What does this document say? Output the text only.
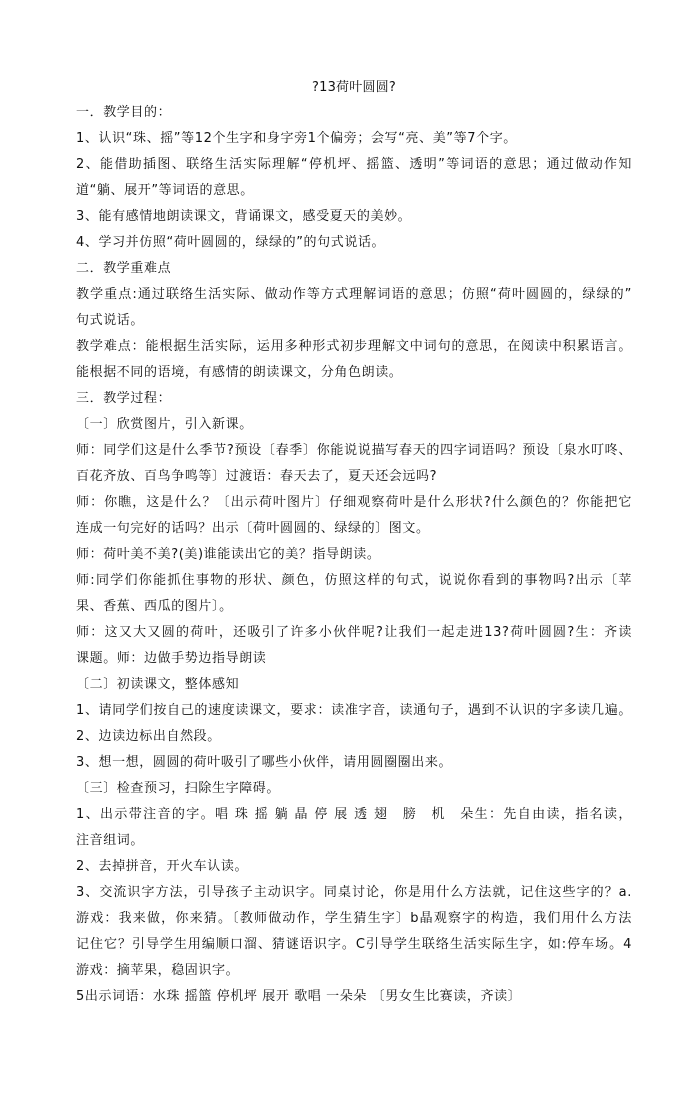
?13荷叶圆圆?
一．教学目的：
1、认识“珠、摇”等12个生字和身字旁1个偏旁；会写“亮、美”等7个字。
2、能借助插图、联络生活实际理解“停机坪、摇篮、透明”等词语的意思；通过做动作知
道“躺、展开”等词语的意思。
3、能有感情地朗读课文，背诵课文，感受夏天的美妙。
4、学习并仿照“荷叶圆圆的，绿绿的”的句式说话。
二．教学重难点
教学重点:通过联络生活实际、做动作等方式理解词语的意思；仿照“荷叶圆圆的，绿绿的”
句式说话。
教学难点：能根据生活实际，运用多种形式初步理解文中词句的意思，在阅读中积累语言。
能根据不同的语境，有感情的朗读课文，分角色朗读。
三．教学过程：
〔一〕欣赏图片，引入新课。
师：同学们这是什么季节?预设〔春季〕你能说说描写春天的四字词语吗？预设〔泉水叮咚、
百花齐放、百鸟争鸣等〕过渡语：春天去了，夏天还会远吗?
师：你瞧，这是什么？〔出示荷叶图片〕仔细观察荷叶是什么形状?什么颜色的？你能把它
连成一句完好的话吗？出示〔荷叶圆圆的、绿绿的〕图文。
师：荷叶美不美?(美)谁能读出它的美？指导朗读。
师:同学们你能抓住事物的形状、颜色，仿照这样的句式，说说你看到的事物吗?出示〔苹
果、香蕉、西瓜的图片〕。
师：这又大又圆的荷叶，还吸引了许多小伙伴呢?让我们一起走进13?荷叶圆圆?生：齐读
课题。师：边做手势边指导朗读
〔二〕初读课文，整体感知
1、请同学们按自己的速度读课文，要求：读准字音，读通句子，遇到不认识的字多读几遍。
2、边读边标出自然段。
3、想一想，圆圆的荷叶吸引了哪些小伙伴，请用圆圈圈出来。
〔三〕检查预习，扫除生字障碍。
1、出示带注音的字。唱 珠 摇 躺 晶 停 展 透 翅　膀　机　朵生：先自由读，指名读，
注音组词。
2、去掉拼音，开火车认读。
3、交流识字方法，引导孩子主动识字。同桌讨论，你是用什么方法就，记住这些字的？a.
游戏：我来做，你来猜。〔教师做动作，学生猜生字〕b晶观察字的构造，我们用什么方法
记住它？引导学生用编顺口溜、猜谜语识字。C引导学生联络生活实际生字，如:停车场。4
游戏：摘苹果，稳固识字。
5出示词语：水珠 摇篮 停机坪 展开 歌唱 一朵朵 〔男女生比赛读，齐读〕
